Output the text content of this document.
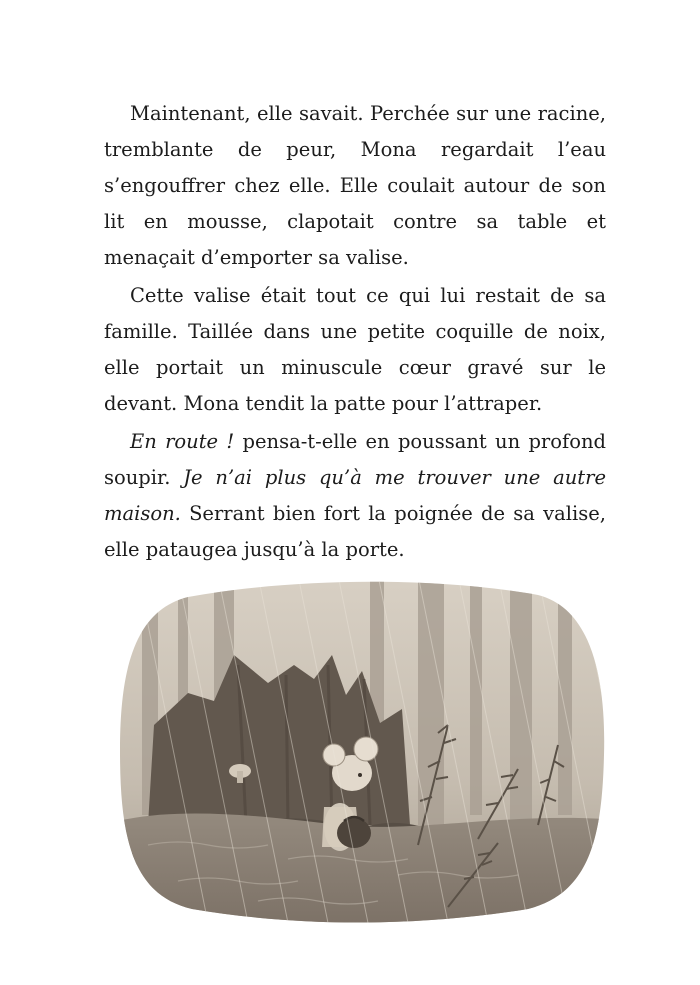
Maintenant, elle savait. Perchée sur une racine, tremblante de peur, Mona regardait l’eau s’engouffrer chez elle. Elle coulait autour de son lit en mousse, clapotait contre sa table et menaçait d’emporter sa valise.

Cette valise était tout ce qui lui restait de sa famille. Taillée dans une petite coquille de noix, elle portait un minuscule cœur gravé sur le devant. Mona tendit la patte pour l’attraper.

En route ! pensa-t-elle en poussant un profond soupir. Je n’ai plus qu’à me trouver une autre maison. Serrant bien fort la poignée de sa valise, elle pataugea jusqu’à la porte.
